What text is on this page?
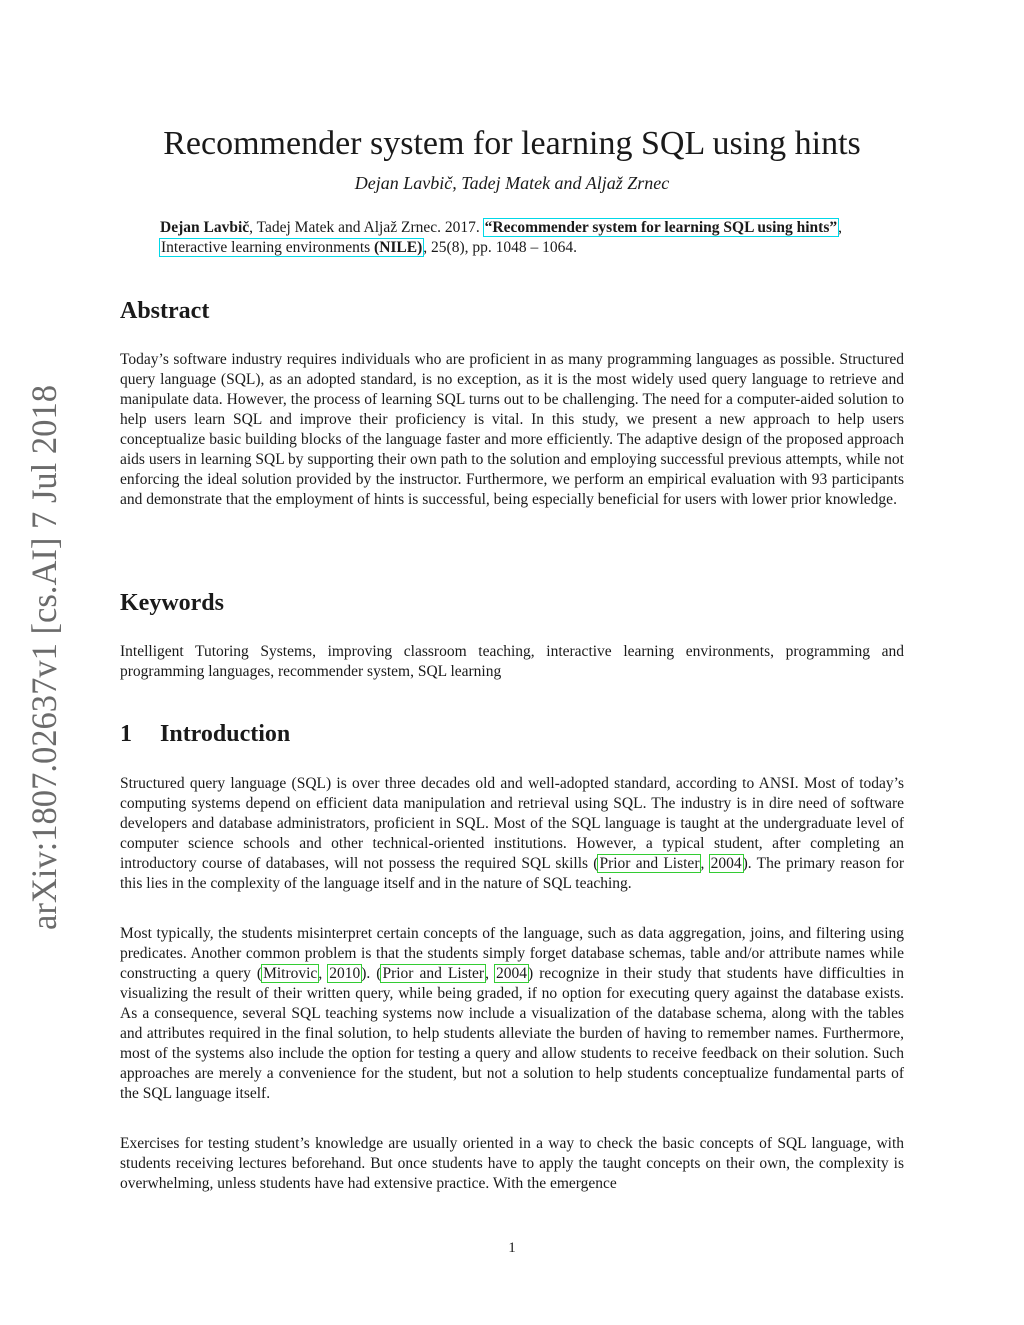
arXiv:1807.02637v1 [cs.AI] 7 Jul 2018
Recommender system for learning SQL using hints
Dejan Lavbič, Tadej Matek and Aljaž Zrnec
Dejan Lavbič, Tadej Matek and Aljaž Zrnec. 2017. “Recommender system for learning SQL using hints”, Interactive learning environments (NILE), 25(8), pp. 1048 – 1064.
Abstract

Today’s software industry requires individuals who are proficient in as many programming languages as possible. Structured query language (SQL), as an adopted standard, is no exception, as it is the most widely used query language to retrieve and manipulate data. However, the process of learning SQL turns out to be challenging. The need for a computer-aided solution to help users learn SQL and improve their proficiency is vital. In this study, we present a new approach to help users conceptualize basic building blocks of the language faster and more efficiently. The adaptive design of the proposed approach aids users in learning SQL by supporting their own path to the solution and employing successful previous attempts, while not enforcing the ideal solution provided by the instructor. Furthermore, we perform an empirical evaluation with 93 participants and demonstrate that the employment of hints is successful, being especially beneficial for users with lower prior knowledge.

Keywords

Intelligent Tutoring Systems, improving classroom teaching, interactive learning environments, programming and programming languages, recommender system, SQL learning

1 Introduction

Structured query language (SQL) is over three decades old and well-adopted standard, according to ANSI. Most of today’s computing systems depend on efficient data manipulation and retrieval using SQL. The industry is in dire need of software developers and database administrators, proficient in SQL. Most of the SQL language is taught at the undergraduate level of computer science schools and other technical-oriented institutions. However, a typical student, after completing an introductory course of databases, will not possess the required SQL skills (Prior and Lister, 2004). The primary reason for this lies in the complexity of the language itself and in the nature of SQL teaching.

Most typically, the students misinterpret certain concepts of the language, such as data aggregation, joins, and filtering using predicates. Another common problem is that the students simply forget database schemas, table and/or attribute names while constructing a query (Mitrovic, 2010). (Prior and Lister, 2004) recognize in their study that students have difficulties in visualizing the result of their written query, while being graded, if no option for executing query against the database exists. As a consequence, several SQL teaching systems now include a visualization of the database schema, along with the tables and attributes required in the final solution, to help students alleviate the burden of having to remember names. Furthermore, most of the systems also include the option for testing a query and allow students to receive feedback on their solution. Such approaches are merely a convenience for the student, but not a solution to help students conceptualize fundamental parts of the SQL language itself.

Exercises for testing student’s knowledge are usually oriented in a way to check the basic concepts of SQL language, with students receiving lectures beforehand. But once students have to apply the taught concepts on their own, the complexity is overwhelming, unless students have had extensive practice. With the emergence

1
